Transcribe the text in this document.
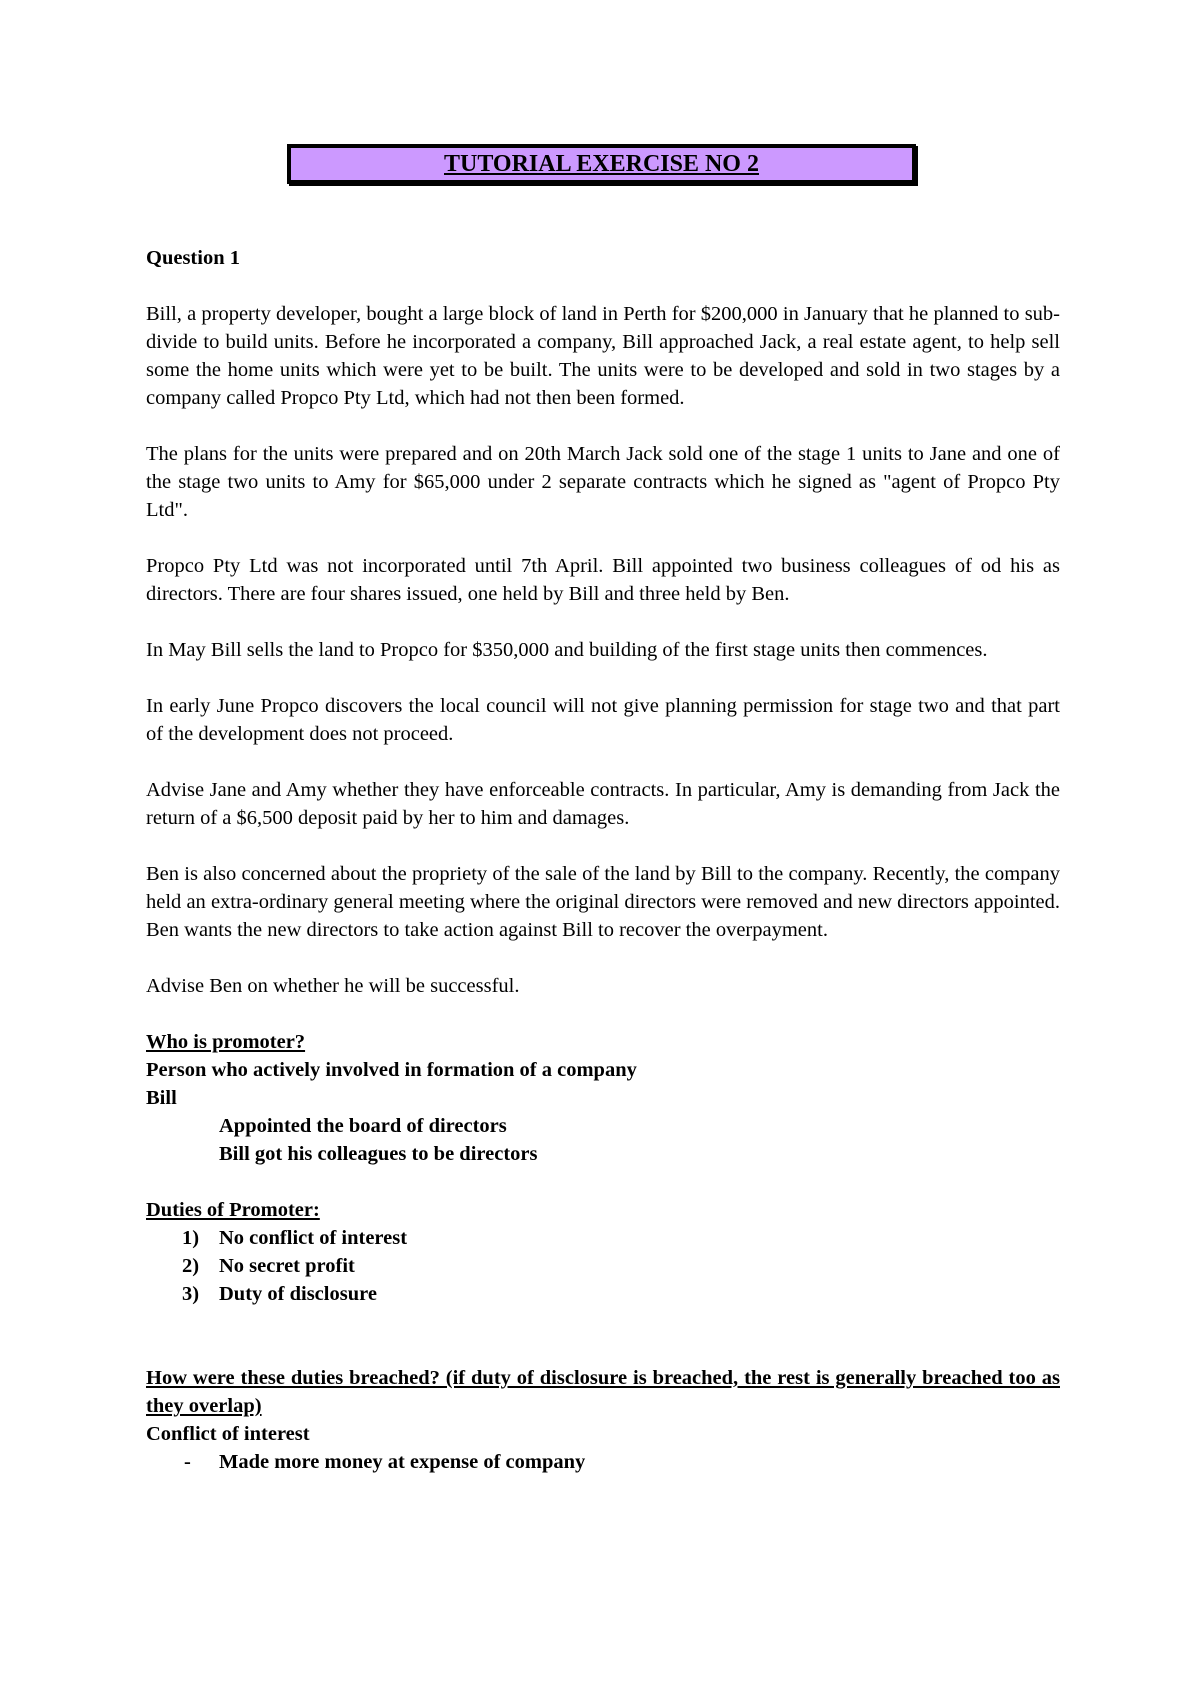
TUTORIAL EXERCISE NO 2

Question 1

Bill, a property developer, bought a large block of land in Perth for $200,000 in January that he planned to sub-divide to build units. Before he incorporated a company, Bill approached Jack, a real estate agent, to help sell some the home units which were yet to be built. The units were to be developed and sold in two stages by a company called Propco Pty Ltd, which had not then been formed.

The plans for the units were prepared and on 20th March Jack sold one of the stage 1 units to Jane and one of the stage two units to Amy for $65,000 under 2 separate contracts which he signed as "agent of Propco Pty Ltd".

Propco Pty Ltd was not incorporated until 7th April. Bill appointed two business colleagues of od his as directors. There are four shares issued, one held by Bill and three held by Ben.

In May Bill sells the land to Propco for $350,000 and building of the first stage units then commences.

In early June Propco discovers the local council will not give planning permission for stage two and that part of the development does not proceed.

Advise Jane and Amy whether they have enforceable contracts. In particular, Amy is demanding from Jack the return of a $6,500 deposit paid by her to him and damages.

Ben is also concerned about the propriety of the sale of the land by Bill to the company. Recently, the company held an extra-ordinary general meeting where the original directors were removed and new directors appointed. Ben wants the new directors to take action against Bill to recover the overpayment.

Advise Ben on whether he will be successful.

Who is promoter?
Person who actively involved in formation of a company
Bill
Appointed the board of directors
Bill got his colleagues to be directors
Duties of Promoter:
1) No conflict of interest
2) No secret profit
3) Duty of disclosure
How were these duties breached? (if duty of disclosure is breached, the rest is generally breached too as they overlap)
Conflict of interest
- Made more money at expense of company
